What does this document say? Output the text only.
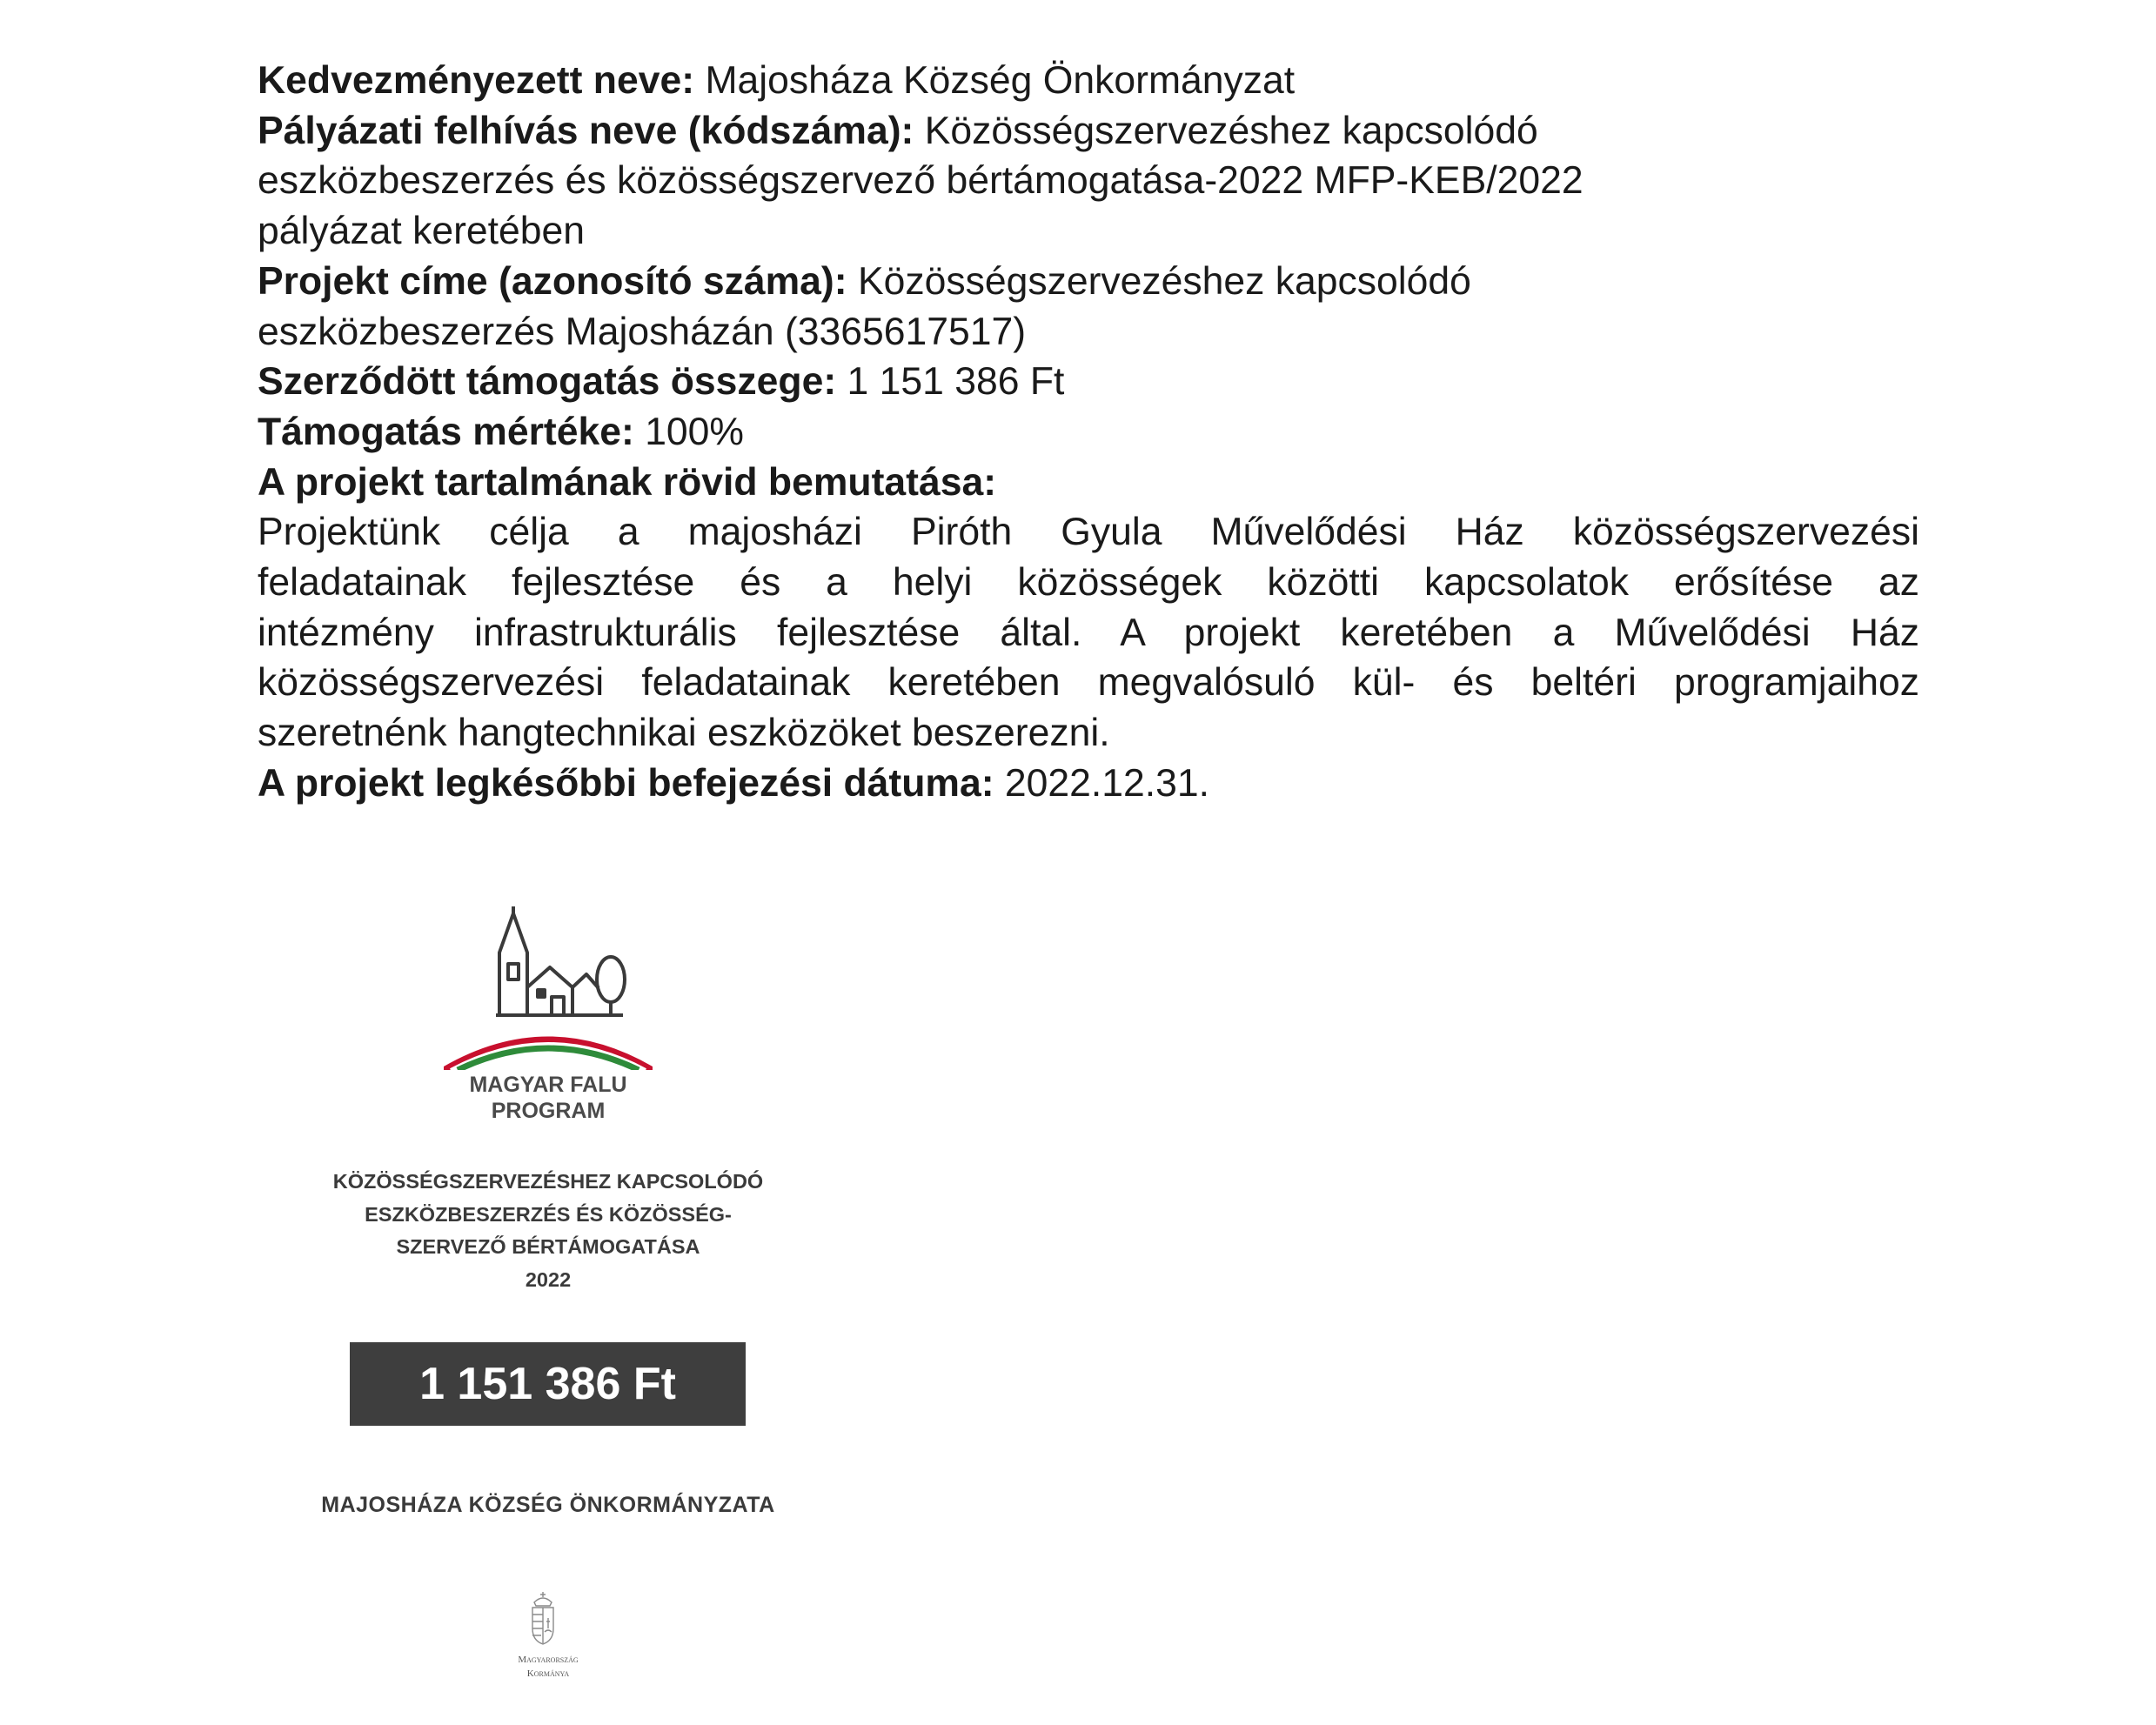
Kedvezményezett neve: Majosháza Község Önkormányzat

Pályázati felhívás neve (kódszáma): Közösségszervezéshez kapcsolódó

eszközbeszerzés és közösségszervező bértámogatása-2022 MFP-KEB/2022

pályázat keretében

Projekt címe (azonosító száma): Közösségszervezéshez kapcsolódó

eszközbeszerzés Majosházán (3365617517)

Szerződött támogatás összege: 1 151 386 Ft

Támogatás mértéke: 100%

A projekt tartalmának rövid bemutatása:

Projektünk célja a majosházi Piróth Gyula Művelődési Ház közösségszervezési

feladatainak fejlesztése és a helyi közösségek közötti kapcsolatok erősítése az

intézmény infrastrukturális fejlesztése által. A projekt keretében a Művelődési Ház

közösségszervezési feladatainak keretében megvalósuló kül- és beltéri programjaihoz

szeretnénk hangtechnikai eszközöket beszerezni.

A projekt legkésőbbi befejezési dátuma: 2022.12.31.

MAGYAR FALU
PROGRAM
KÖZÖSSÉGSZERVEZÉSHEZ KAPCSOLÓDÓ
ESZKÖZBESZERZÉS ÉS KÖZÖSSÉG-
SZERVEZŐ BÉRTÁMOGATÁSA
2022
1 151 386 Ft
MAJOSHÁZA KÖZSÉG ÖNKORMÁNYZATA
Magyarország
Kormánya
